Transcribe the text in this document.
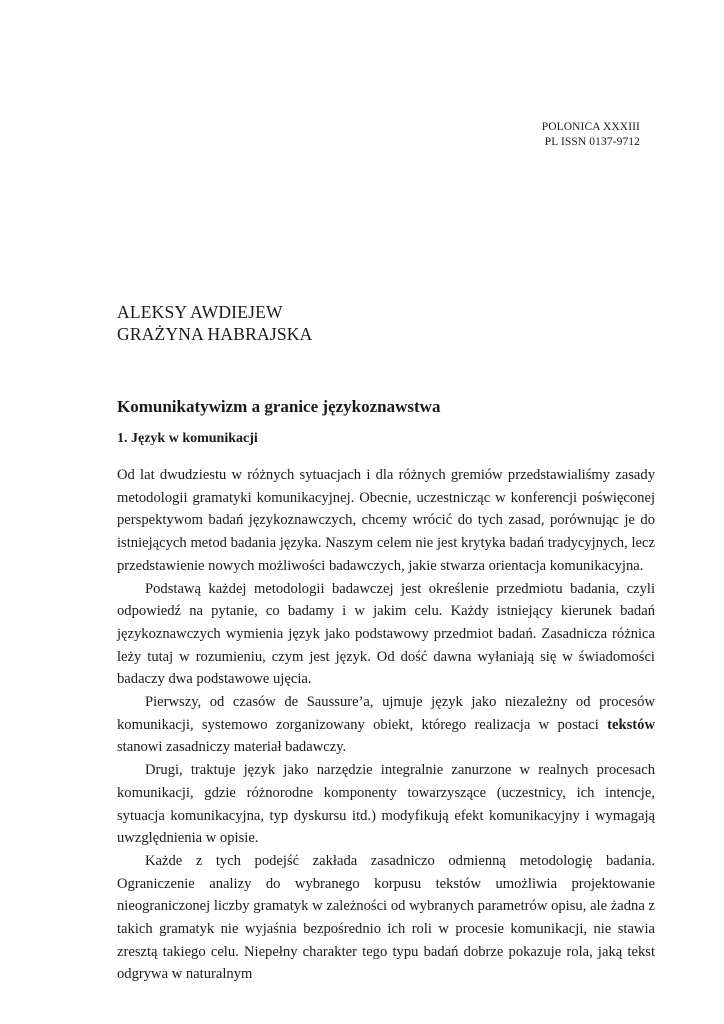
POLONICA XXXIII
PL ISSN 0137-9712
ALEKSY AWDIEJEW
GRAŻYNA HABRAJSKA
Komunikatywizm a granice językoznawstwa
1. Język w komunikacji

Od lat dwudziestu w różnych sytuacjach i dla różnych gremiów przedstawialiśmy zasady metodologii gramatyki komunikacyjnej. Obecnie, uczestnicząc w konferencji poświęconej perspektywom badań językoznawczych, chcemy wrócić do tych zasad, porównując je do istniejących metod badania języka. Naszym celem nie jest krytyka badań tradycyjnych, lecz przedstawienie nowych możliwości badawczych, jakie stwarza orientacja komunikacyjna.

Podstawą każdej metodologii badawczej jest określenie przedmiotu badania, czyli odpowiedź na pytanie, co badamy i w jakim celu. Każdy istniejący kierunek badań językoznawczych wymienia język jako podstawowy przedmiot badań. Zasadnicza różnica leży tutaj w rozumieniu, czym jest język. Od dość dawna wyłaniają się w świadomości badaczy dwa podstawowe ujęcia.

Pierwszy, od czasów de Saussure’a, ujmuje język jako niezależny od procesów komunikacji, systemowo zorganizowany obiekt, którego realizacja w postaci tekstów stanowi zasadniczy materiał badawczy.

Drugi, traktuje język jako narzędzie integralnie zanurzone w realnych procesach komunikacji, gdzie różnorodne komponenty towarzyszące (uczestnicy, ich intencje, sytuacja komunikacyjna, typ dyskursu itd.) modyfikują efekt komunikacyjny i wymagają uwzględnienia w opisie.

Każde z tych podejść zakłada zasadniczo odmienną metodologię badania. Ograniczenie analizy do wybranego korpusu tekstów umożliwia projektowanie nieograniczonej liczby gramatyk w zależności od wybranych parametrów opisu, ale żadna z takich gramatyk nie wyjaśnia bezpośrednio ich roli w procesie komunikacji, nie stawia zresztą takiego celu. Niepełny charakter tego typu badań dobrze pokazuje rola, jaką tekst odgrywa w naturalnym
